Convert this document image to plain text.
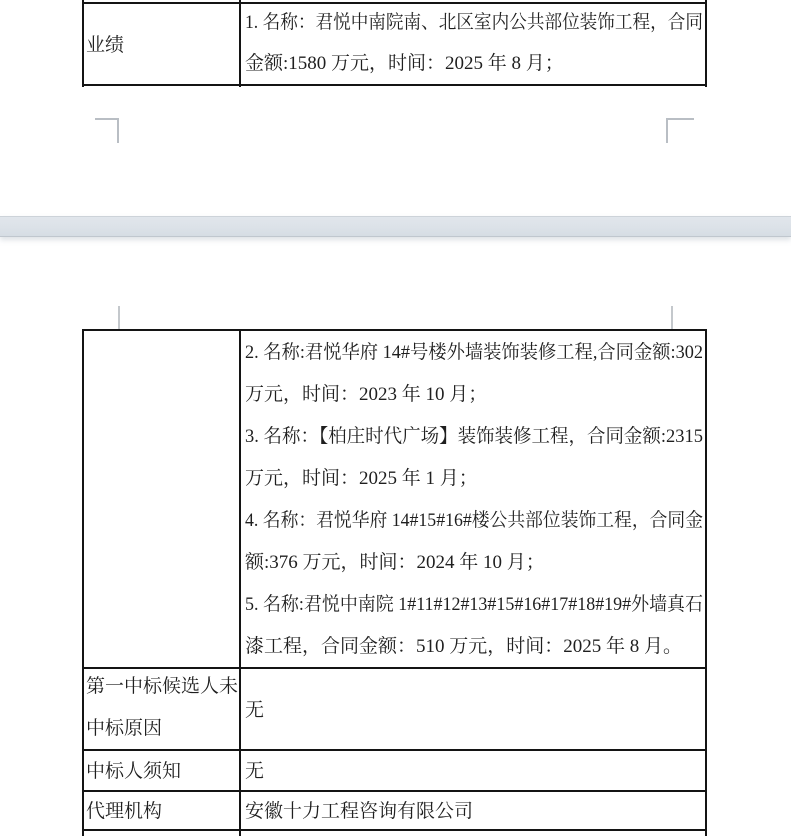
业绩
1. 名称：君悦中南院南、北区室内公共部位装饰工程，合同
金额:1580 万元，时间：2025 年 8 月；
2. 名称:君悦华府 14#号楼外墙装饰装修工程,合同金额:302
万元，时间：2023 年 10 月；
3. 名称：【柏庄时代广场】装饰装修工程，合同金额:2315
万元，时间：2025 年 1 月；
4. 名称：君悦华府 14#15#16#楼公共部位装饰工程，合同金
额:376 万元，时间：2024 年 10 月；
5. 名称:君悦中南院 1#11#12#13#15#16#17#18#19#外墙真石
漆工程，合同金额：510 万元，时间：2025 年 8 月。
第一中标候选人未
中标原因
无
中标人须知	无
代理机构	安徽十力工程咨询有限公司
